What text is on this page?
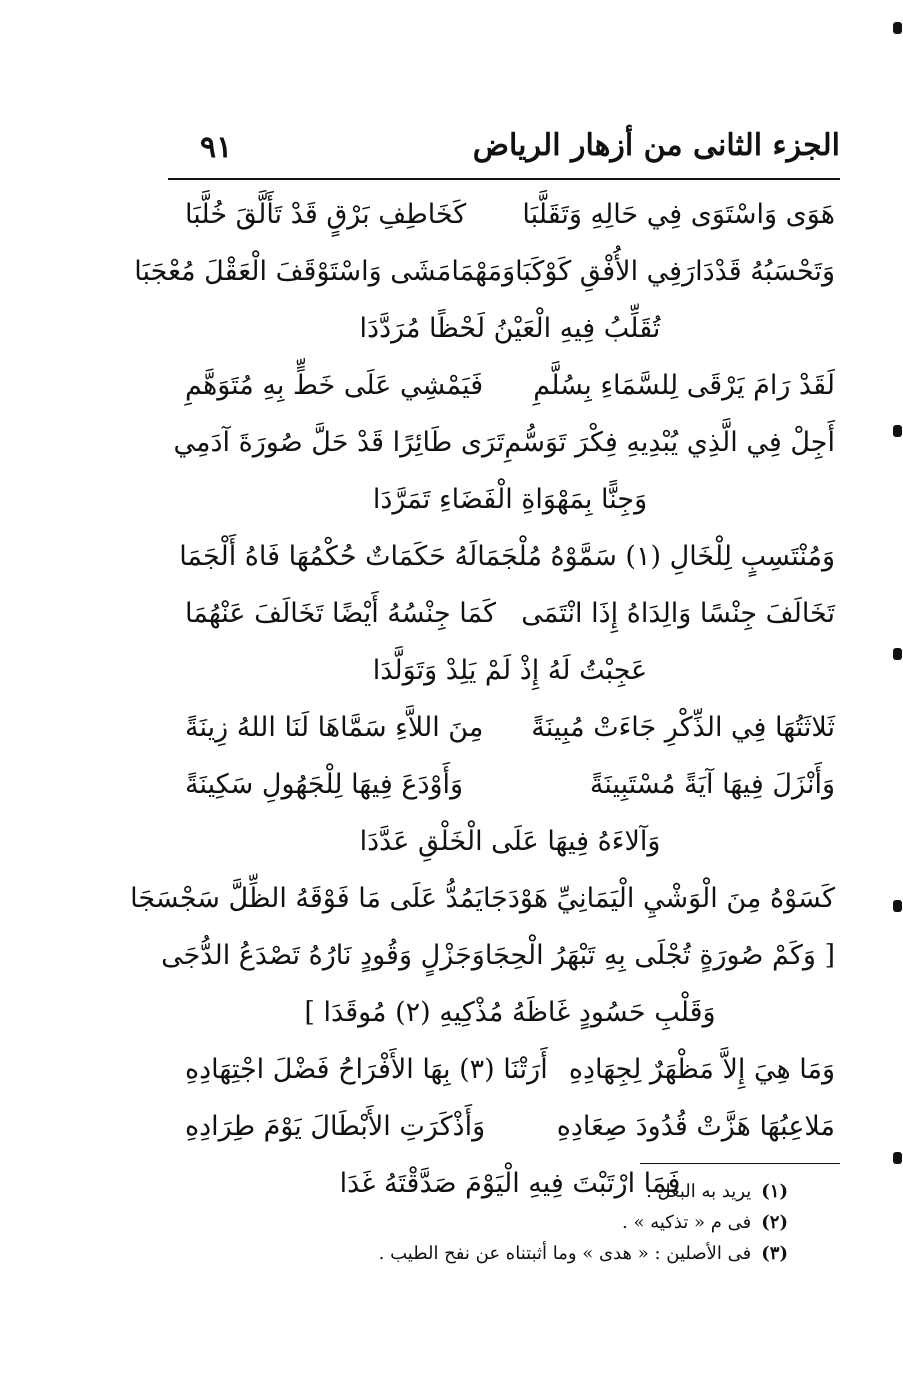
الجزء الثانى من أزهار الرياض
٩١
هَوَى وَاسْتَوَى فِي حَالِهِ وَتَقَلَّبَا
كَخَاطِفِ بَرْقٍ قَدْ تَأَلَّقَ خُلَّبَا
وَتَحْسَبُهُ قَدْدَارَفِي الأُفْقِ كَوْكَبَا
وَمَهْمَامَشَى وَاسْتَوْقَفَ الْعَقْلَ مُعْجَبَا
تُقَلِّبُ فِيهِ الْعَيْنُ لَحْظًا مُرَدَّدَا
لَقَدْ رَامَ يَرْقَى لِلسَّمَاءِ بِسُلَّمِ
فَيَمْشِي عَلَى خَطٍّ بِهِ مُتَوَهَّمِ
أَجِلْ فِي الَّذِي يُبْدِيهِ فِكْرَ تَوَسُّمِ
تَرَى طَائِرًا قَدْ حَلَّ صُورَةَ آدَمِي
وَجِنًّا بِمَهْوَاةِ الْفَضَاءِ تَمَرَّدَا
وَمُنْتَسِبٍ لِلْخَالِ (١) سَمَّوْهُ مُلْجَمَا
لَهُ حَكَمَاتٌ حُكْمُهَا فَاهُ أَلْجَمَا
تَخَالَفَ جِنْسًا وَالِدَاهُ إِذَا انْتَمَى
كَمَا جِنْسُهُ أَيْضًا تَخَالَفَ عَنْهُمَا
عَجِبْتُ لَهُ إِذْ لَمْ يَلِدْ وَتَوَلَّدَا
ثَلاثَتُهَا فِي الذِّكْرِ جَاءَتْ مُبِينَةً
مِنَ اللاَّءِ سَمَّاهَا لَنَا اللهُ زِينَةً
وَأَنْزَلَ فِيهَا آيَةً مُسْتَبِينَةً
وَأَوْدَعَ فِيهَا لِلْجَهُولِ سَكِينَةً
وَآلاءَهُ فِيهَا عَلَى الْخَلْقِ عَدَّدَا
كَسَوْهُ مِنَ الْوَشْيِ الْيَمَانِيِّ هَوْدَجَا
يَمُدُّ عَلَى مَا فَوْقَهُ الظِّلَّ سَجْسَجَا
[ وَكَمْ صُورَةٍ تُجْلَى بِهِ تَبْهَرُ الْحِجَا
وَجَزْلٍ وَقُودٍ نَارُهُ تَصْدَعُ الدُّجَى
وَقَلْبِ حَسُودٍ غَاظَهُ مُذْكِيهِ (٢) مُوقَدَا ]
وَمَا هِيَ إِلاَّ مَظْهَرٌ لِجِهَادِهِ
أَرَتْنَا (٣) بِهَا الأَفْرَاحُ فَضْلَ اجْتِهَادِهِ
مَلاعِبُهَا هَزَّتْ قُدُودَ صِعَادِهِ
وَأَذْكَرَتِ الأَبْطَالَ يَوْمَ طِرَادِهِ
فَمَا ارْتَبْتَ فِيهِ الْيَوْمَ صَدَّقْتَهُ غَدَا	(١)يريد به البغل .
(٢)فى م « تذكيه » .
(٣)فى الأصلين : « هدى » وما أثبتناه عن نفح الطيب .
